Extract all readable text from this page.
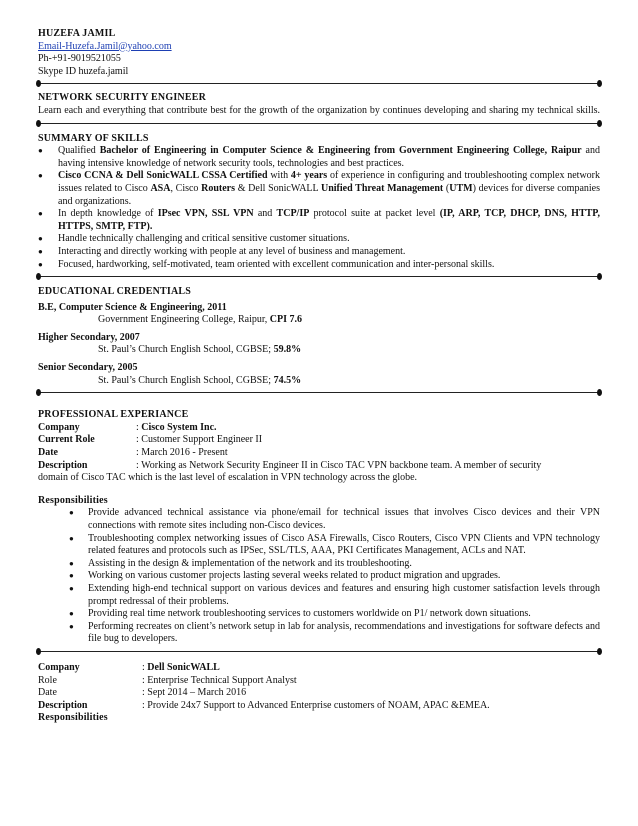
HUZEFA JAMIL
Email-Huzefa.Jamil@yahoo.com
Ph-+91-9019521055
Skype ID huzefa.jamil
NETWORK SECURITY ENGINEER
Learn each and everything that contribute best for the growth of the organization by continues developing and sharing my technical skills.
SUMMARY OF SKILLS
● Qualified Bachelor of Engineering in Computer Science & Engineering from Government Engineering College, Raipur and having intensive knowledge of network security tools, technologies and best practices.
● Cisco CCNA & Dell SonicWALL CSSA Certified with 4+ years of experience in configuring and troubleshooting complex network issues related to Cisco ASA, Cisco Routers & Dell SonicWALL Unified Threat Management (UTM) devices for diverse companies and organizations.
● In depth knowledge of IPsec VPN, SSL VPN and TCP/IP protocol suite at packet level (IP, ARP, TCP, DHCP, DNS, HTTP, HTTPS, SMTP, FTP).
● Handle technically challenging and critical sensitive customer situations.
● Interacting and directly working with people at any level of business and management.
● Focused, hardworking, self-motivated, team oriented with excellent communication and inter-personal skills.
EDUCATIONAL CREDENTIALS
B.E, Computer Science & Engineering, 2011
Government Engineering College, Raipur, CPI 7.6
Higher Secondary, 2007
St. Paul’s Church English School, CGBSE; 59.8%
Senior Secondary, 2005
St. Paul’s Church English School, CGBSE; 74.5%
PROFESSIONAL EXPERIANCE
Company	: Cisco System Inc.
Current Role	: Customer Support Engineer II
Date	: March 2016 - Present
Description	: Working as Network Security Engineer II in Cisco TAC VPN backbone team. A member of security
domain of Cisco TAC which is the last level of escalation in VPN technology across the globe.
Responsibilities
● Provide advanced technical assistance via phone/email for technical issues that involves Cisco devices and their VPN connections with remote sites including non-Cisco devices.
● Troubleshooting complex networking issues of Cisco ASA Firewalls, Cisco Routers, Cisco VPN Clients and VPN technology related features and protocols such as IPSec, SSL/TLS, AAA, PKI Certificates Management, ACLs and NAT.
● Assisting in the design & implementation of the network and its troubleshooting.
● Working on various customer projects lasting several weeks related to product migration and upgrades.
● Extending high-end technical support on various devices and features and ensuring high customer satisfaction levels through prompt redressal of their problems.
● Providing real time network troubleshooting services to customers worldwide on P1/ network down situations.
● Performing recreates on client’s network setup in lab for analysis, recommendations and investigations for software defects and file bug to developers.
Company	: Dell SonicWALL
Role	: Enterprise Technical Support Analyst
Date	: Sept 2014 – March 2016
Description	: Provide 24x7 Support to Advanced Enterprise customers of NOAM, APAC &EMEA.
Responsibilities
